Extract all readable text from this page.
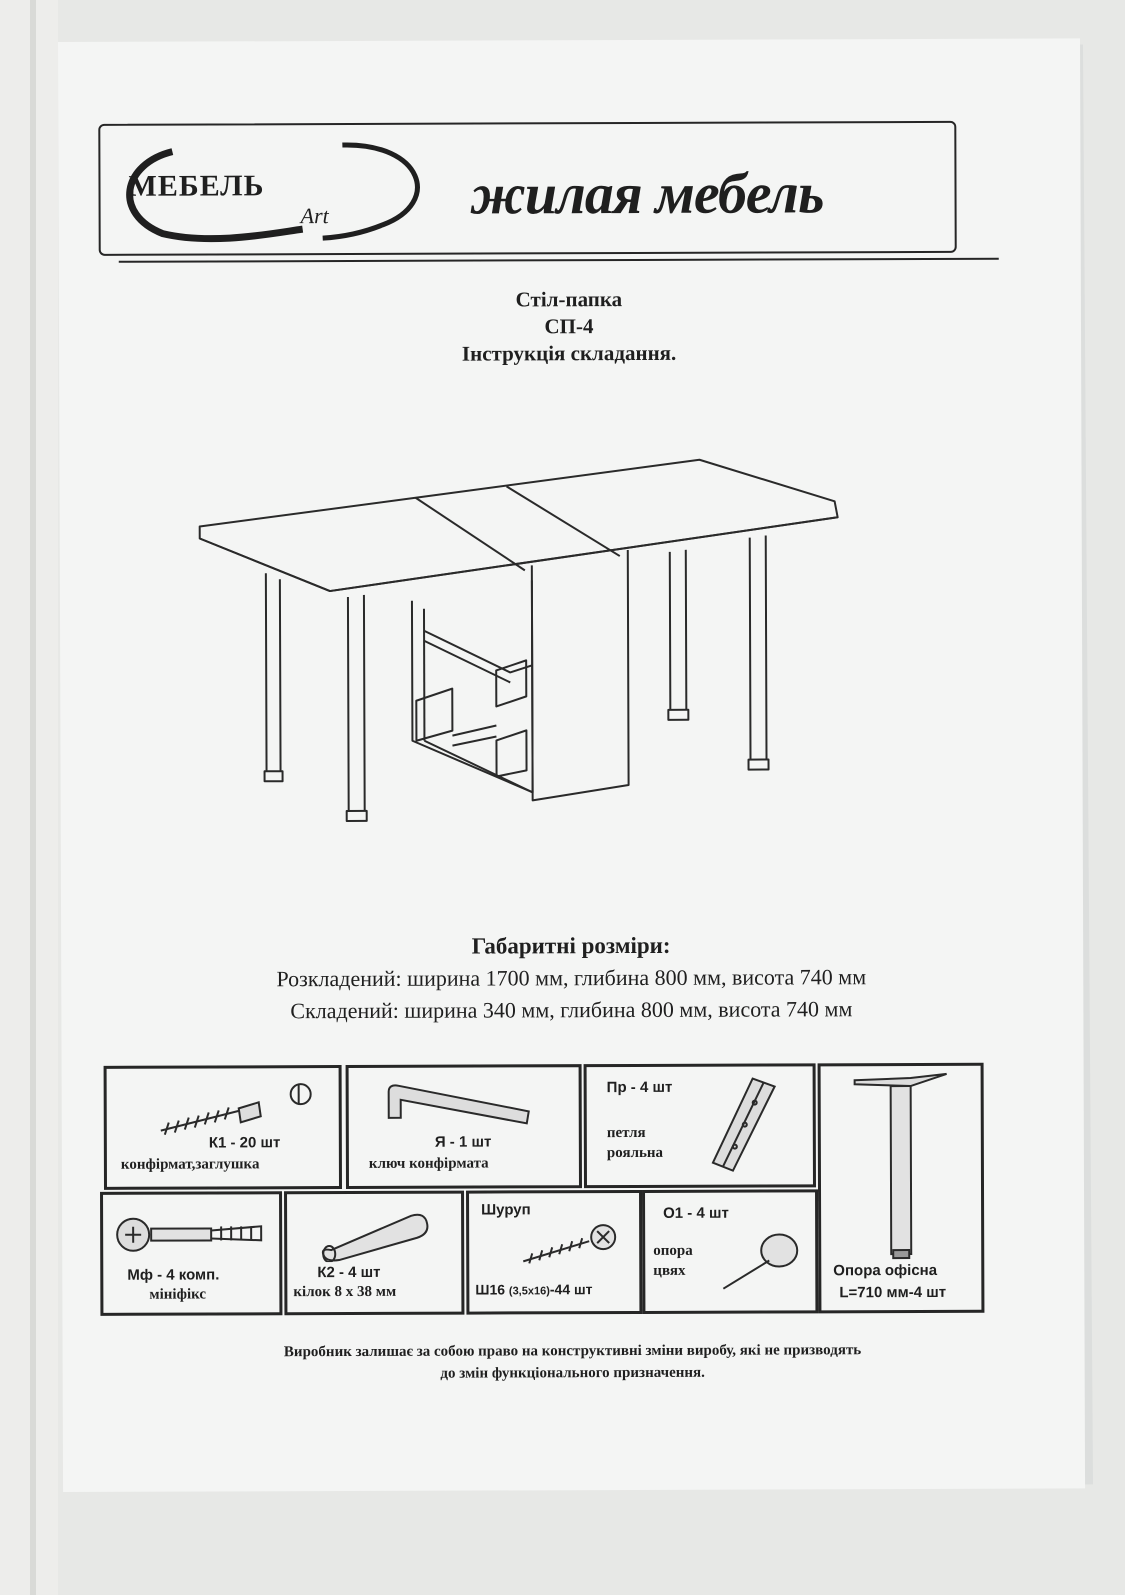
МЕБЕЛЬ
Art жилая мебель
Стіл-папка
СП-4
Інструкція складання.
Габаритні розміри:
Розкладений: ширина 1700 мм, глибина 800 мм, висота 740 мм
Складений: ширина 340 мм, глибина 800 мм, висота 740 мм
К1 - 20 шт
конфірмат,заглушка
Я - 1 шт
ключ конфірмата
Пр - 4 шт
петля
рояльна
Опора офісна
L=710 мм-4 шт
Мф - 4 комп.
мініфікс
К2 - 4 шт
кілок 8 х 38 мм
Шуруп
Ш16 (3,5х16)-44 шт
О1 - 4 шт
опора
цвях
Виробник залишає за собою право на конструктивні зміни виробу, які не призводять
до змін функціонального призначення.
